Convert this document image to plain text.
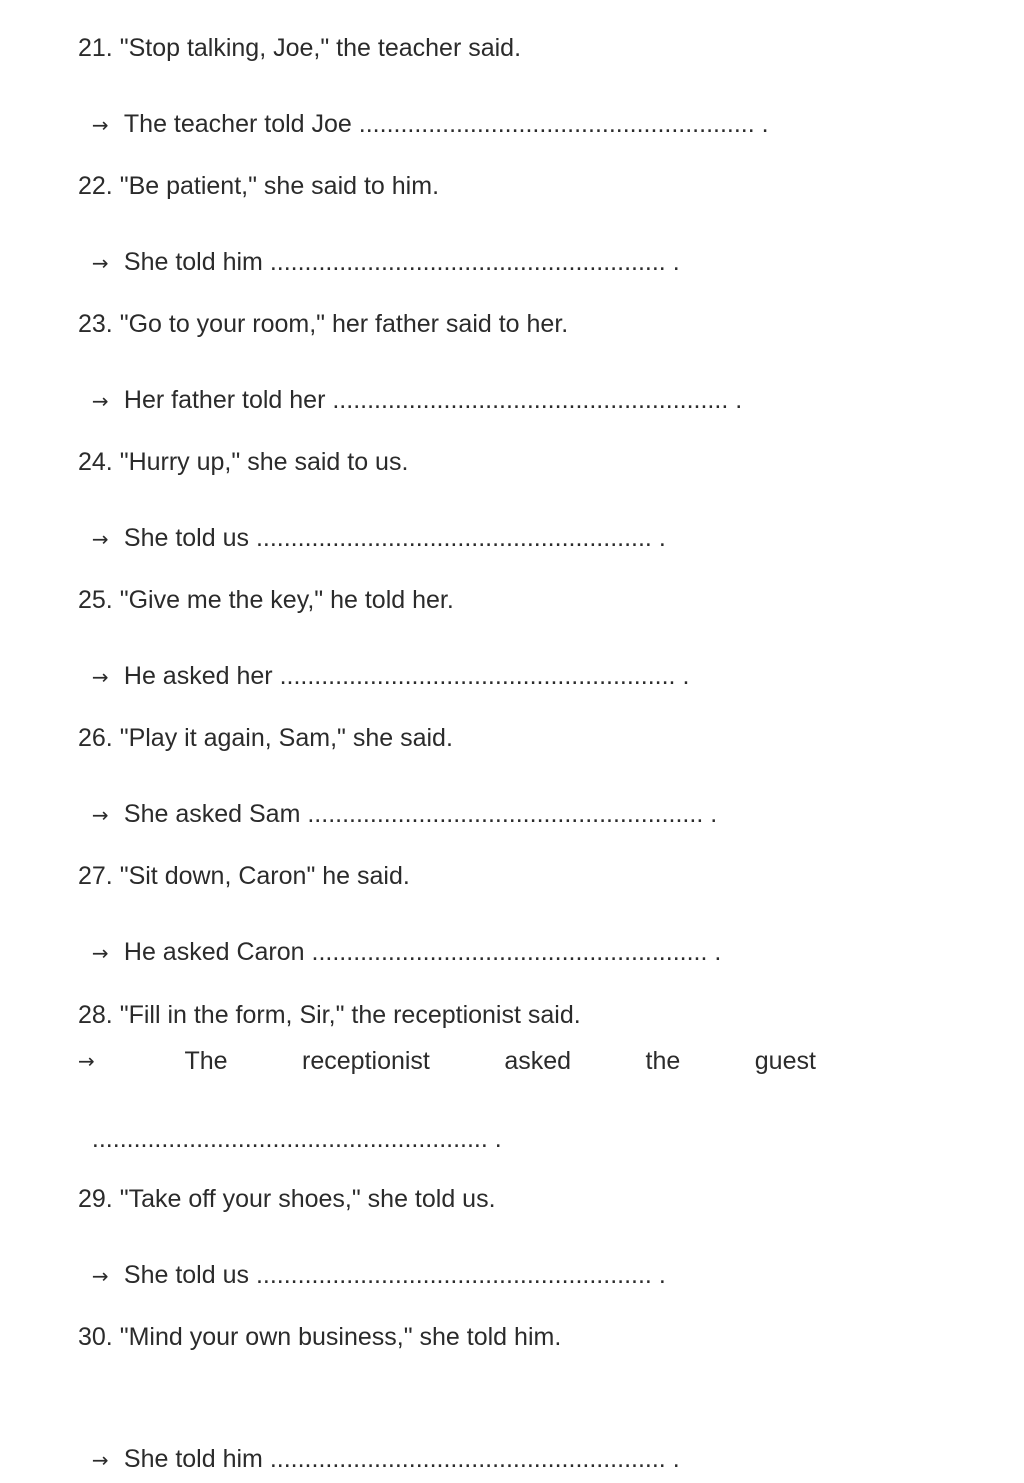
21. "Stop talking, Joe," the teacher said.

→ The teacher told Joe ......................................................... .

22. "Be patient," she said to him.

→ She told him ......................................................... .

23. "Go to your room," her father said to her.

→ Her father told her ......................................................... .

24. "Hurry up," she said to us.

→ She told us ......................................................... .

25. "Give me the key," he told her.

→ He asked her ......................................................... .

26. "Play it again, Sam," she said.

→ She asked Sam ......................................................... .

27. "Sit down, Caron" he said.

→ He asked Caron ......................................................... .

28. "Fill in the form, Sir," the receptionist said.
→	The	receptionist	asked	the	guest

......................................................... .

29. "Take off your shoes," she told us.

→ She told us ......................................................... .

30. "Mind your own business," she told him.

→ She told him ......................................................... .
